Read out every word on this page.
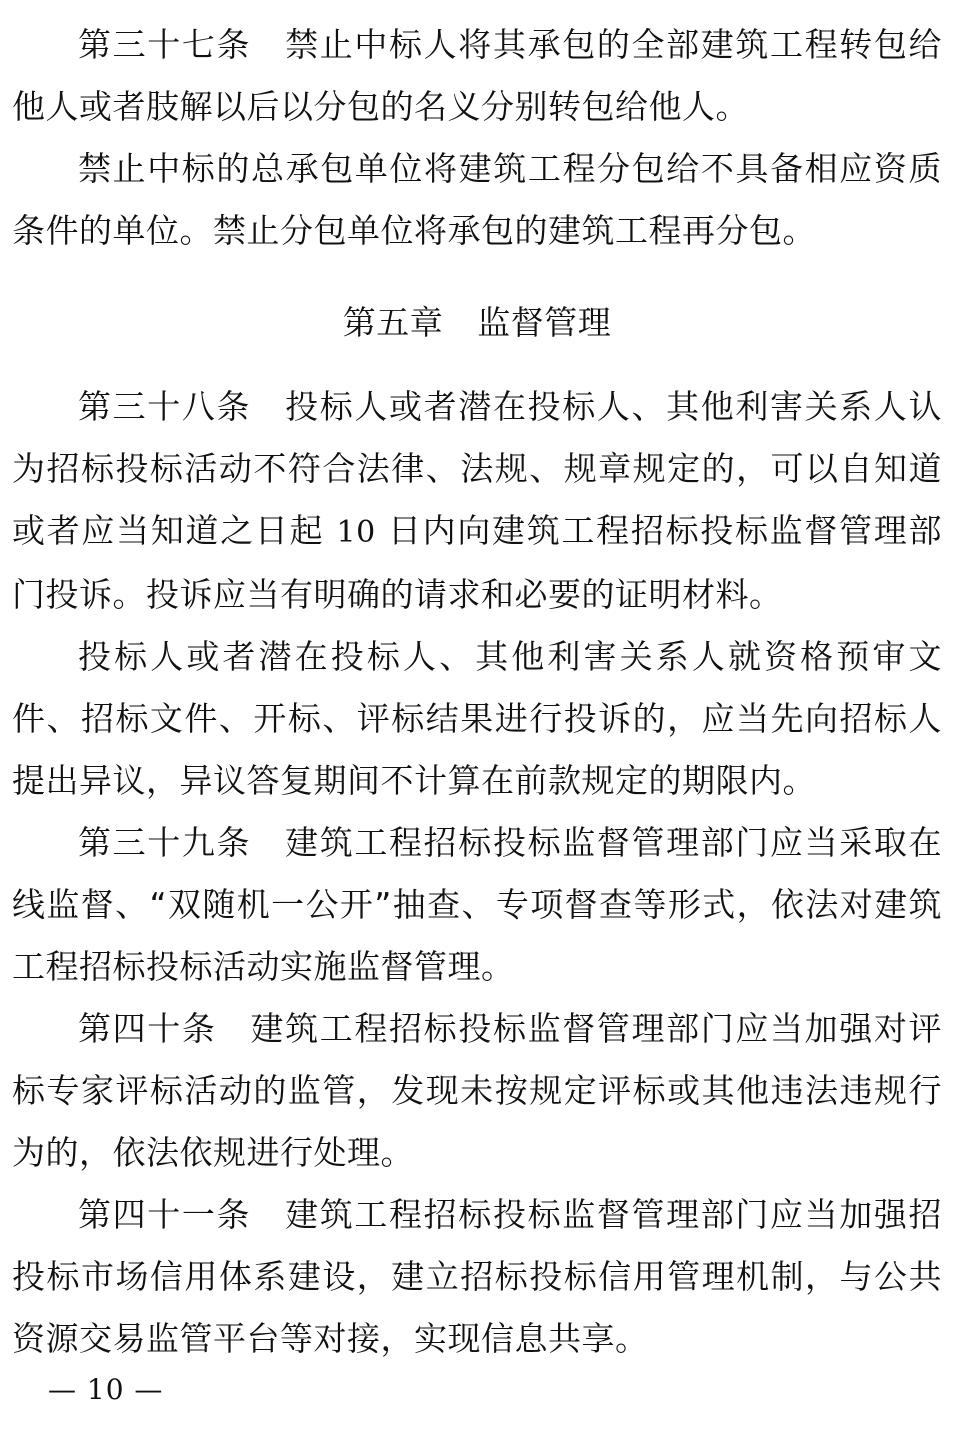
第三十七条 禁止中标人将其承包的全部建筑工程转包给他人或者肢解以后以分包的名义分别转包给他人。

禁止中标的总承包单位将建筑工程分包给不具备相应资质条件的单位。禁止分包单位将承包的建筑工程再分包。

第五章 监督管理

第三十八条 投标人或者潜在投标人、其他利害关系人认为招标投标活动不符合法律、法规、规章规定的，可以自知道或者应当知道之日起 10 日内向建筑工程招标投标监督管理部门投诉。投诉应当有明确的请求和必要的证明材料。

投标人或者潜在投标人、其他利害关系人就资格预审文件、招标文件、开标、评标结果进行投诉的，应当先向招标人提出异议，异议答复期间不计算在前款规定的期限内。

第三十九条 建筑工程招标投标监督管理部门应当采取在线监督、“双随机一公开”抽查、专项督查等形式，依法对建筑工程招标投标活动实施监督管理。

第四十条 建筑工程招标投标监督管理部门应当加强对评标专家评标活动的监管，发现未按规定评标或其他违法违规行为的，依法依规进行处理。

第四十一条 建筑工程招标投标监督管理部门应当加强招投标市场信用体系建设，建立招标投标信用管理机制，与公共资源交易监管平台等对接，实现信息共享。

— 10 —
